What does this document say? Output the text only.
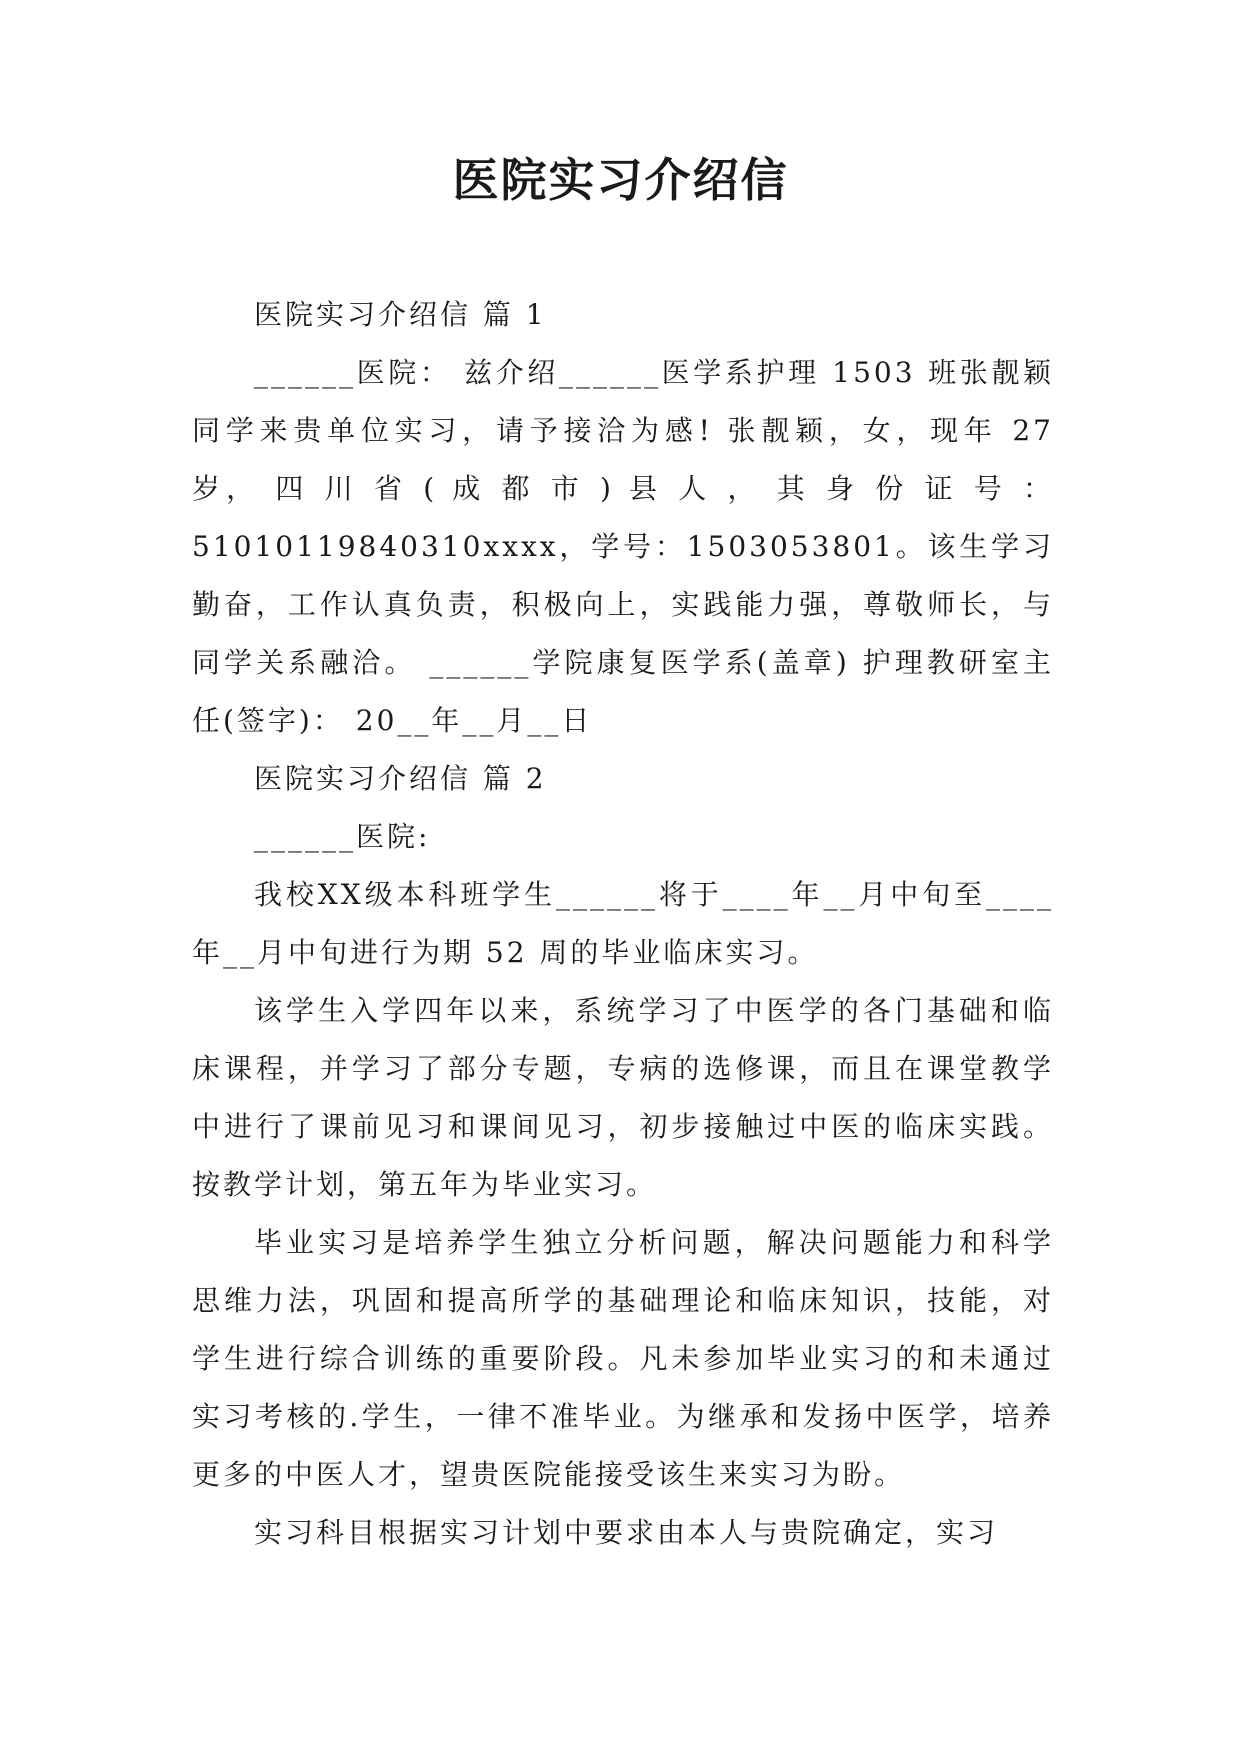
医院实习介绍信

医院实习介绍信 篇 1

______医院： 兹介绍______医学系护理 1503 班张靓颖同学来贵单位实习，请予接洽为感! 张靓颖，女，现年 27 岁， 四 川 省 ( 成 都 市 ) 县 人 ， 其 身 份 证 号 ： 51010119840310xxxx，学号：1503053801。该生学习勤奋，工作认真负责，积极向上，实践能力强，尊敬师长，与同学关系融洽。 ______学院康复医学系(盖章) 护理教研室主任(签字)： 20__年__月__日

医院实习介绍信 篇 2

______医院:

我校XX级本科班学生______将于____年__月中旬至____年__月中旬进行为期 52 周的毕业临床实习。

该学生入学四年以来，系统学习了中医学的各门基础和临床课程，并学习了部分专题，专病的选修课，而且在课堂教学中进行了课前见习和课间见习，初步接触过中医的临床实践。按教学计划，第五年为毕业实习。

毕业实习是培养学生独立分析问题，解决问题能力和科学思维力法，巩固和提高所学的基础理论和临床知识，技能，对学生进行综合训练的重要阶段。凡未参加毕业实习的和未通过实习考核的.学生，一律不准毕业。为继承和发扬中医学，培养更多的中医人才，望贵医院能接受该生来实习为盼。

实习科目根据实习计划中要求由本人与贵院确定，实习
